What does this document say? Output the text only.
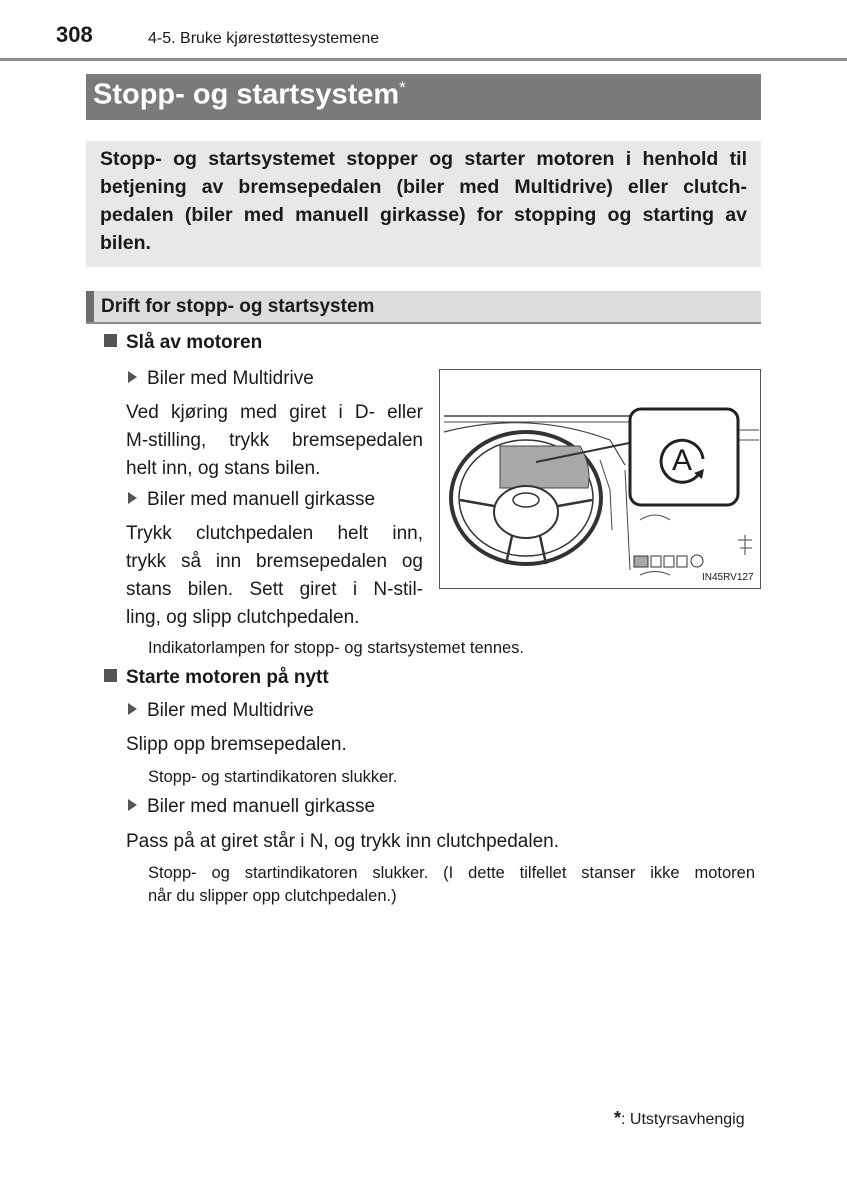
308	4-5. Bruke kjørestøttesystemene
Stopp- og startsystem*

Stopp- og startsystemet stopper og starter motoren i henhold til betjening av bremsepedalen (biler med Multidrive) eller clutch-pedalen (biler med manuell girkasse) for stopping og starting av bilen.

Drift for stopp- og startsystem
Slå av motoren
Biler med Multidrive

Ved kjøring med giret i D- eller

M-stilling, trykk bremsepedalen

helt inn, og stans bilen.

Biler med manuell girkasse

Trykk clutchpedalen helt inn,

trykk så inn bremsepedalen og

stans bilen. Sett giret i N-stil-

ling, og slipp clutchpedalen.

Indikatorlampen for stopp- og startsystemet tennes.

A
IN45RV127
Starte motoren på nytt
Biler med Multidrive

Slipp opp bremsepedalen.

Stopp- og startindikatoren slukker.

Biler med manuell girkasse

Pass på at giret står i N, og trykk inn clutchpedalen.

Stopp- og startindikatoren slukker. (I dette tilfellet stanser ikke motoren

når du slipper opp clutchpedalen.)

*: Utstyrsavhengig
